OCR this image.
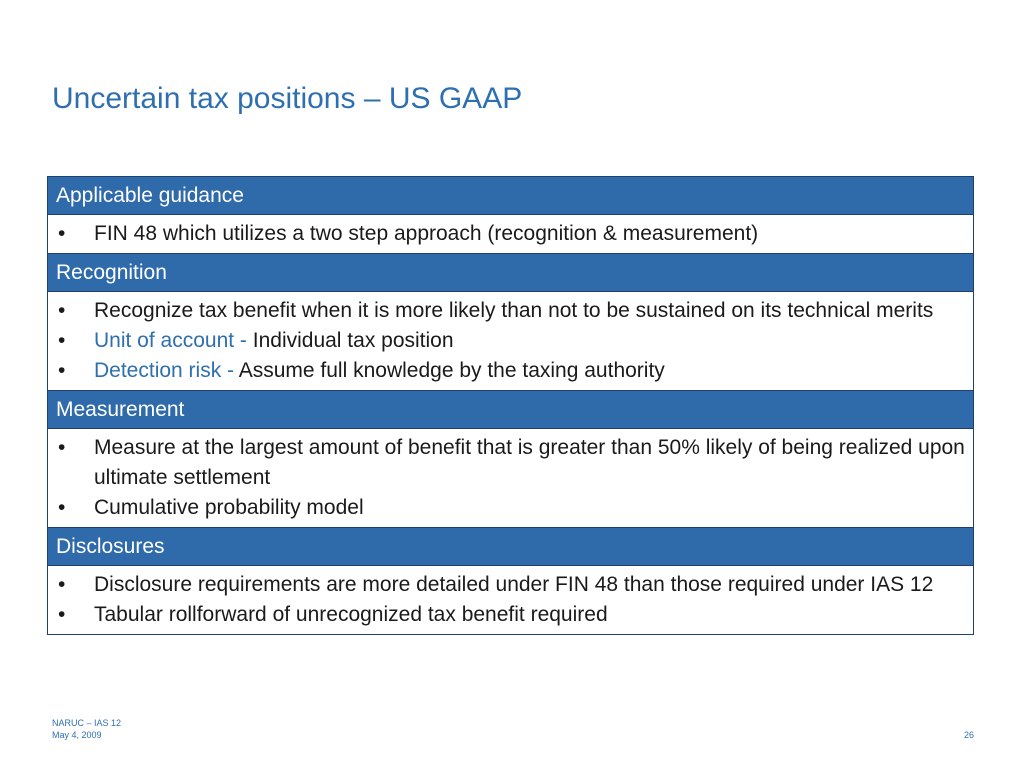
Uncertain tax positions – US GAAP
Applicable guidance
•	FIN 48 which utilizes a two step approach (recognition & measurement)
Recognition
•	Recognize tax benefit when it is more likely than not to be sustained on its technical merits
•	Unit of account - Individual tax position
•	Detection risk - Assume full knowledge by the taxing authority
Measurement
•	Measure at the largest amount of benefit that is greater than 50% likely of being realized upon ultimate settlement
•	Cumulative probability model
Disclosures
•	Disclosure requirements are more detailed under FIN 48 than those required under IAS 12
•	Tabular rollforward of unrecognized tax benefit required
NARUC – IAS 12
May 4, 2009	26
